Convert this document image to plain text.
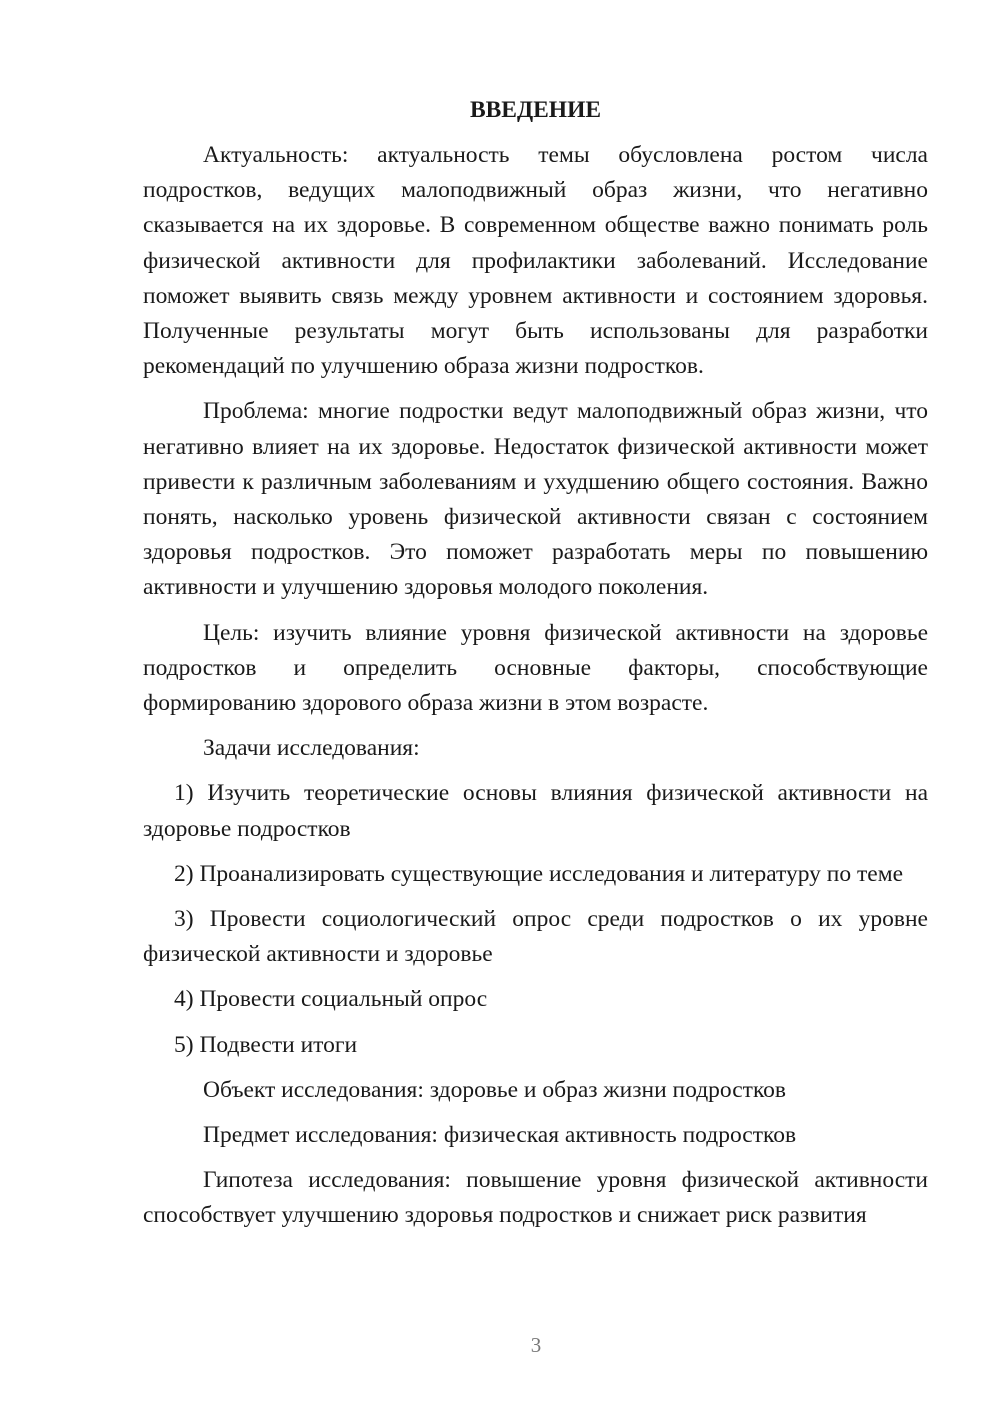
ВВЕДЕНИЕ

Актуальность: актуальность темы обусловлена ростом числа подростков, ведущих малоподвижный образ жизни, что негативно сказывается на их здоровье. В современном обществе важно понимать роль физической активности для профилактики заболеваний. Исследование поможет выявить связь между уровнем активности и состоянием здоровья. Полученные результаты могут быть использованы для разработки рекомендаций по улучшению образа жизни подростков.

Проблема: многие подростки ведут малоподвижный образ жизни, что негативно влияет на их здоровье. Недостаток физической активности может привести к различным заболеваниям и ухудшению общего состояния. Важно понять, насколько уровень физической активности связан с состоянием здоровья подростков. Это поможет разработать меры по повышению активности и улучшению здоровья молодого поколения.

Цель: изучить влияние уровня физической активности на здоровье подростков и определить основные факторы, способствующие формированию здорового образа жизни в этом возрасте.

Задачи исследования:

1) Изучить теоретические основы влияния физической активности на здоровье подростков

2) Проанализировать существующие исследования и литературу по теме

3) Провести социологический опрос среди подростков о их уровне физической активности и здоровье

4) Провести социальный опрос

5) Подвести итоги

Объект исследования: здоровье и образ жизни подростков

Предмет исследования: физическая активность подростков

Гипотеза исследования: повышение уровня физической активности способствует улучшению здоровья подростков и снижает риск развития

3
